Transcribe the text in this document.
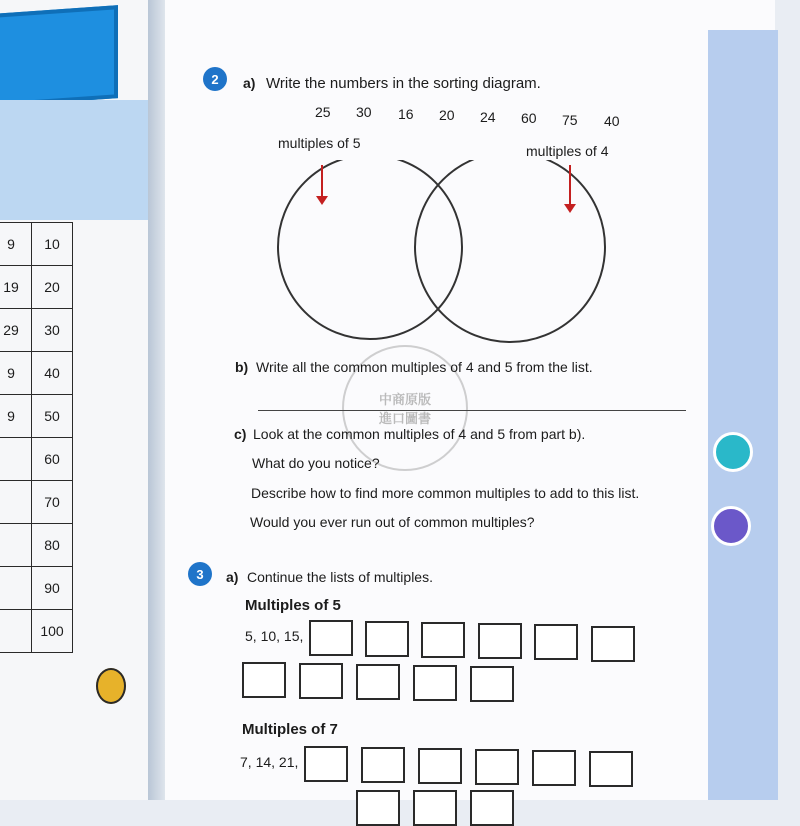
9	10
19	20
29	30
9	40
9	50
	60
	70
	80
	90
	100
2	a) Write the numbers in the sorting diagram.
25 30 16 20 24 60 75 40
multiples of 5	multiples of 4
中商原版
進口圖書
b) Write all the common multiples of 4 and 5 from the list.
c) Look at the common multiples of 4 and 5 from part b).
What do you notice?
Describe how to find more common multiples to add to this list.
Would you ever run out of common multiples?
3	a) Continue the lists of multiples.
Multiples of 5
5, 10, 15,
Multiples of 7
7, 14, 21,
